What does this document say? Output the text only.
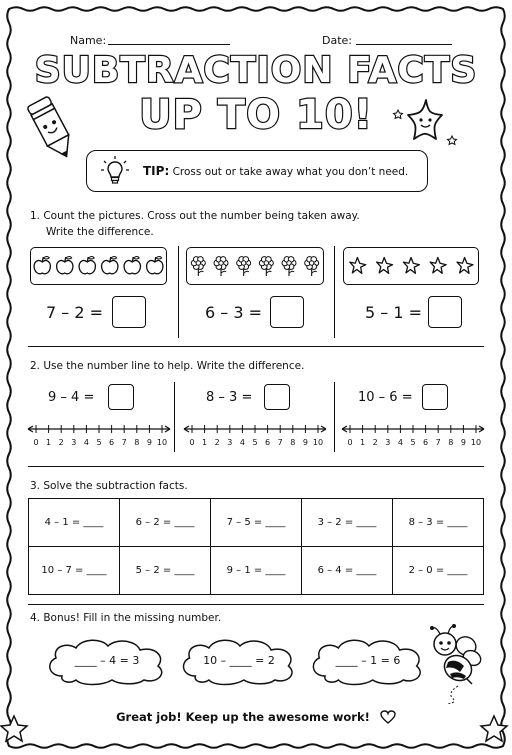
Name:	Date:
SUBTRACTION FACTS
UP TO 10!
TIP: Cross out or take away what you don’t need.
1. Count the pictures. Cross out the number being taken away.
Write the difference.
7 – 2 =	6 – 3 =	5 – 1 =
2. Use the number line to help. Write the difference.
9 – 4 =	8 – 3 =	10 – 6 =
0 1 2 3 4 5 6 7 8 9 10	0 1 2 3 4 5 6 7 8 9 10	0 1 2 3 4 5 6 7 8 9 10
3. Solve the subtraction facts.
4 – 1 = ____	6 – 2 = ____	7 – 5 = ____	3 – 2 = ____	8 – 3 = ____
10 – 7 = ____	5 – 2 = ____	9 – 1 = ____	6 – 4 = ____	2 – 0 = ____
4. Bonus! Fill in the missing number.
____ – 4 = 3	10 – ____ = 2	____ – 1 = 6
Great job! Keep up the awesome work!
